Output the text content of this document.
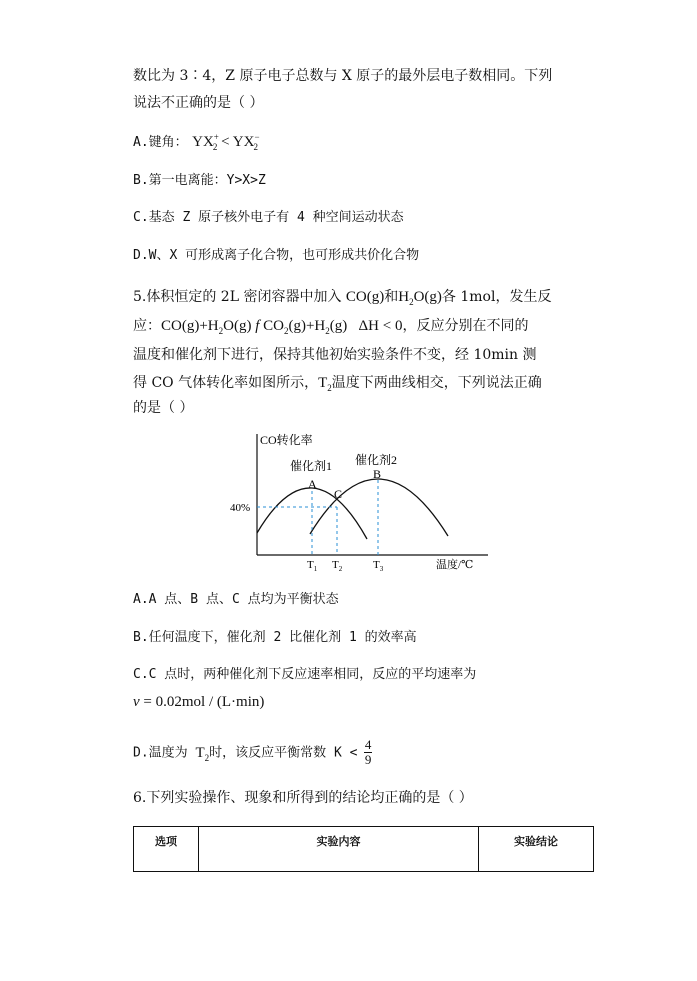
数比为 3∶4，Z 原子电子总数与 X 原子的最外层电子数相同。下列
说法不正确的是（ ）
A.键角： $YX^+_2 < YX^-_2$
B.第一电离能：Y>X>Z
C.基态 Z 原子核外电子有 4 种空间运动状态
D.W、X 可形成离子化合物，也可形成共价化合物
5.体积恒定的 2L 密闭容器中加入 CO(g)和$H_2O(g)$各 1mol，发生反
应：$CO(g)+H_2O(g)$ f $CO_2(g)+H_2(g) \Delta H < 0$，反应分别在不同的
温度和催化剂下进行，保持其他初始实验条件不变，经 10min 测
得 CO 气体转化率如图所示，$T_2$温度下两曲线相交，下列说法正确
的是（ ）
CO转化率
温度/℃
催化剂1 催化剂2
A
B
C
40%
$T_1$ $T_2$	$T_3$
A.A 点、B 点、C 点均为平衡状态
B.任何温度下，催化剂 2 比催化剂 1 的效率高
C.C 点时，两种催化剂下反应速率相同，反应的平均速率为
v = 0.02mol / (L·min)
D.温度为 $T_2$时，该反应平衡常数 $K < \frac{4}{9}$
6.下列实验操作、现象和所得到的结论均正确的是（ ）
选项	实验内容	实验结论
